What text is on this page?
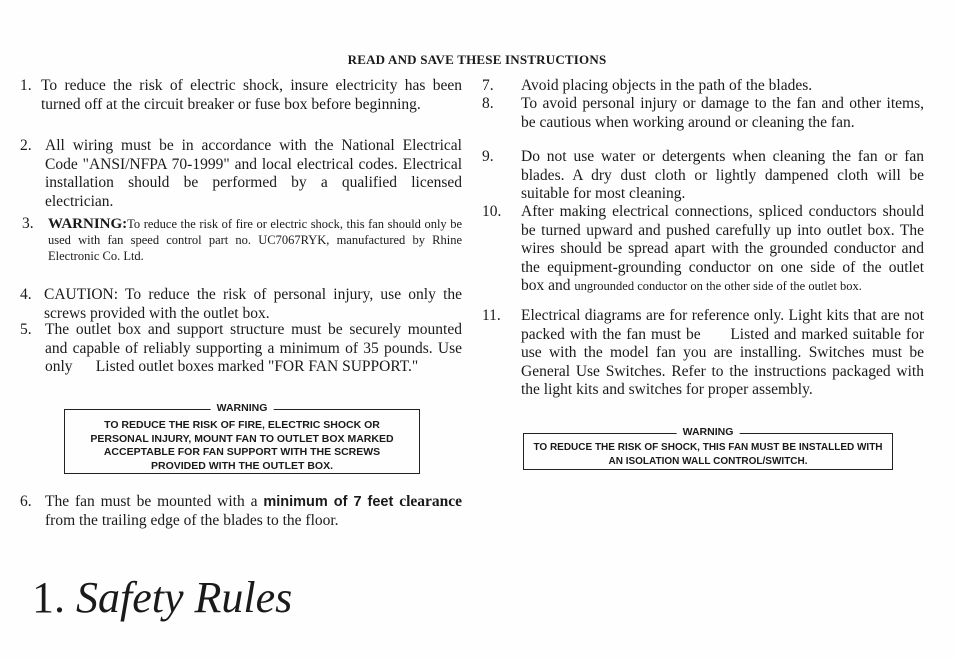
READ AND SAVE THESE INSTRUCTIONS
1. To reduce the risk of electric shock, insure electricity has been turned off at the circuit breaker or fuse box before beginning.
2. All wiring must be in accordance with the National Electrical Code "ANSI/NFPA 70-1999" and local electrical codes. Electrical installation should be performed by a qualified licensed electrician.
3. WARNING:To reduce the risk of fire or electric shock, this fan should only be used with fan speed control part no. UC7067RYK, manufactured by Rhine Electronic Co. Ltd.
4. CAUTION: To reduce the risk of personal injury, use only the screws provided with the outlet box.
5. The outlet box and support structure must be securely mounted and capable of reliably supporting a minimum of 35 pounds. Use only      Listed outlet boxes marked "FOR FAN SUPPORT."
WARNING
TO REDUCE THE RISK OF FIRE, ELECTRIC SHOCK OR PERSONAL INJURY, MOUNT FAN TO OUTLET BOX MARKED ACCEPTABLE FOR FAN SUPPORT WITH THE SCREWS PROVIDED WITH THE OUTLET BOX.
6. The fan must be mounted with a minimum of 7 feet clearance from the trailing edge of the blades to the floor.
7. Avoid placing objects in the path of the blades.
8. To avoid personal injury or damage to the fan and other items, be cautious when working around or cleaning the fan.
9. Do not use water or detergents when cleaning the fan or fan blades. A dry dust cloth or lightly dampened cloth will be suitable for most cleaning.
10. After making electrical connections, spliced conductors should be turned upward and pushed carefully up into outlet box. The wires should be spread apart with the grounded conductor and the equipment-grounding conductor on one side of the outlet box and ungrounded conductor on the other side of the outlet box.
11. Electrical diagrams are for reference only. Light kits that are not packed with the fan must be      Listed and marked suitable for use with the model fan you are installing. Switches must be      General Use Switches. Refer to the instructions packaged with the light kits and switches for proper assembly.
WARNING
TO REDUCE THE RISK OF SHOCK, THIS FAN MUST BE INSTALLED WITH AN ISOLATION WALL CONTROL/SWITCH.
1. Safety Rules
